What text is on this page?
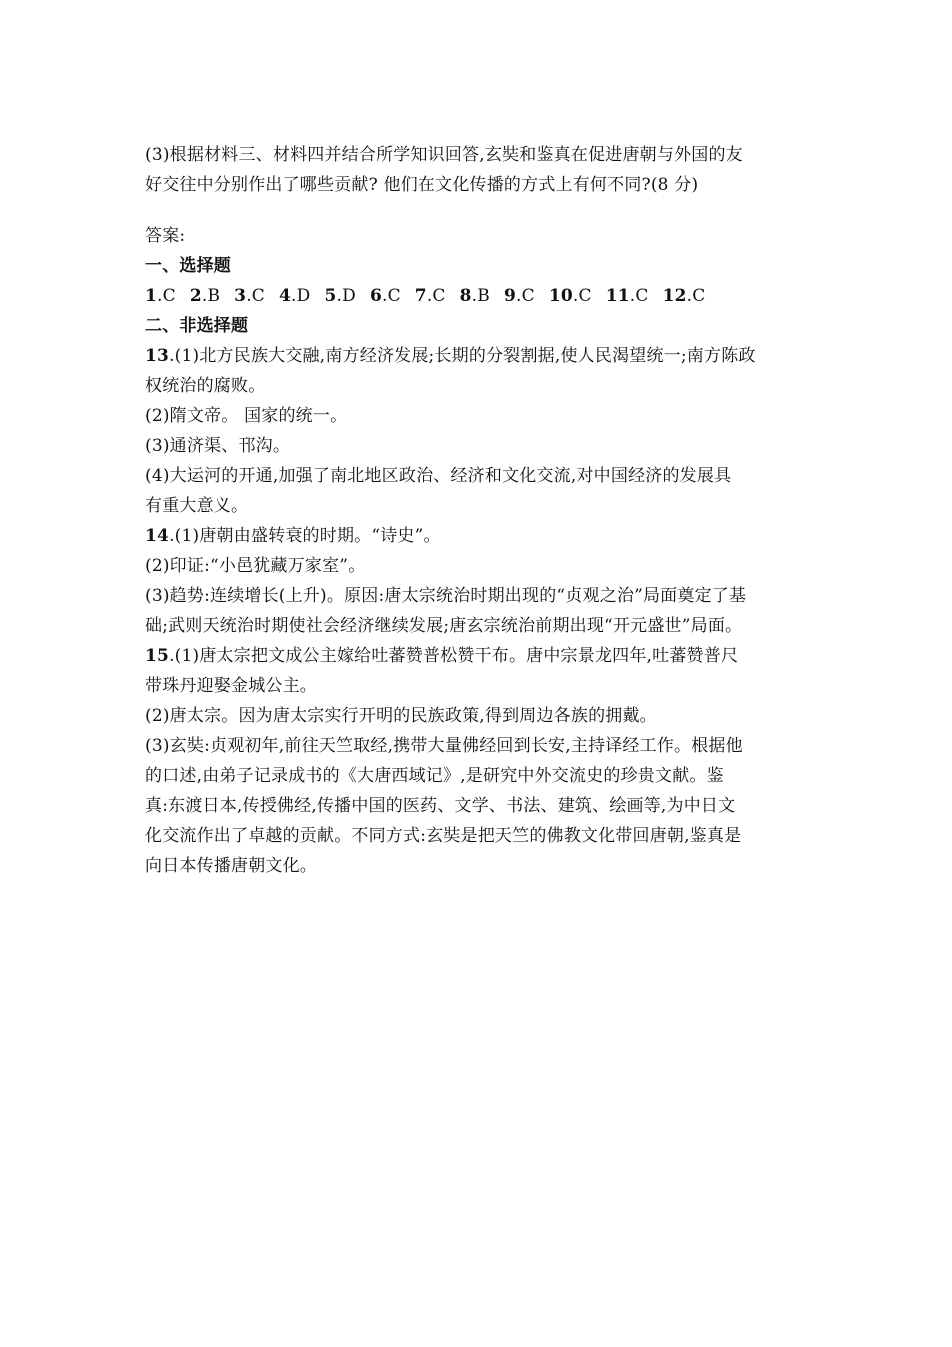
(3)根据材料三、材料四并结合所学知识回答,玄奘和鉴真在促进唐朝与外国的友
好交往中分别作出了哪些贡献? 他们在文化传播的方式上有何不同?(8 分)
答案:
一、选择题
1.C 2.B 3.C 4.D 5.D 6.C 7.C 8.B 9.C 10.C 11.C 12.C
二、非选择题
13.(1)北方民族大交融,南方经济发展;长期的分裂割据,使人民渴望统一;南方陈政
权统治的腐败。
(2)隋文帝。 国家的统一。
(3)通济渠、邗沟。
(4)大运河的开通,加强了南北地区政治、经济和文化交流,对中国经济的发展具
有重大意义。
14.(1)唐朝由盛转衰的时期。“诗史”。
(2)印证:“小邑犹藏万家室”。
(3)趋势:连续增长(上升)。原因:唐太宗统治时期出现的“贞观之治”局面奠定了基
础;武则天统治时期使社会经济继续发展;唐玄宗统治前期出现“开元盛世”局面。
15.(1)唐太宗把文成公主嫁给吐蕃赞普松赞干布。唐中宗景龙四年,吐蕃赞普尺
带珠丹迎娶金城公主。
(2)唐太宗。因为唐太宗实行开明的民族政策,得到周边各族的拥戴。
(3)玄奘:贞观初年,前往天竺取经,携带大量佛经回到长安,主持译经工作。根据他
的口述,由弟子记录成书的《大唐西域记》,是研究中外交流史的珍贵文献。鉴
真:东渡日本,传授佛经,传播中国的医药、文学、书法、建筑、绘画等,为中日文
化交流作出了卓越的贡献。不同方式:玄奘是把天竺的佛教文化带回唐朝,鉴真是
向日本传播唐朝文化。
